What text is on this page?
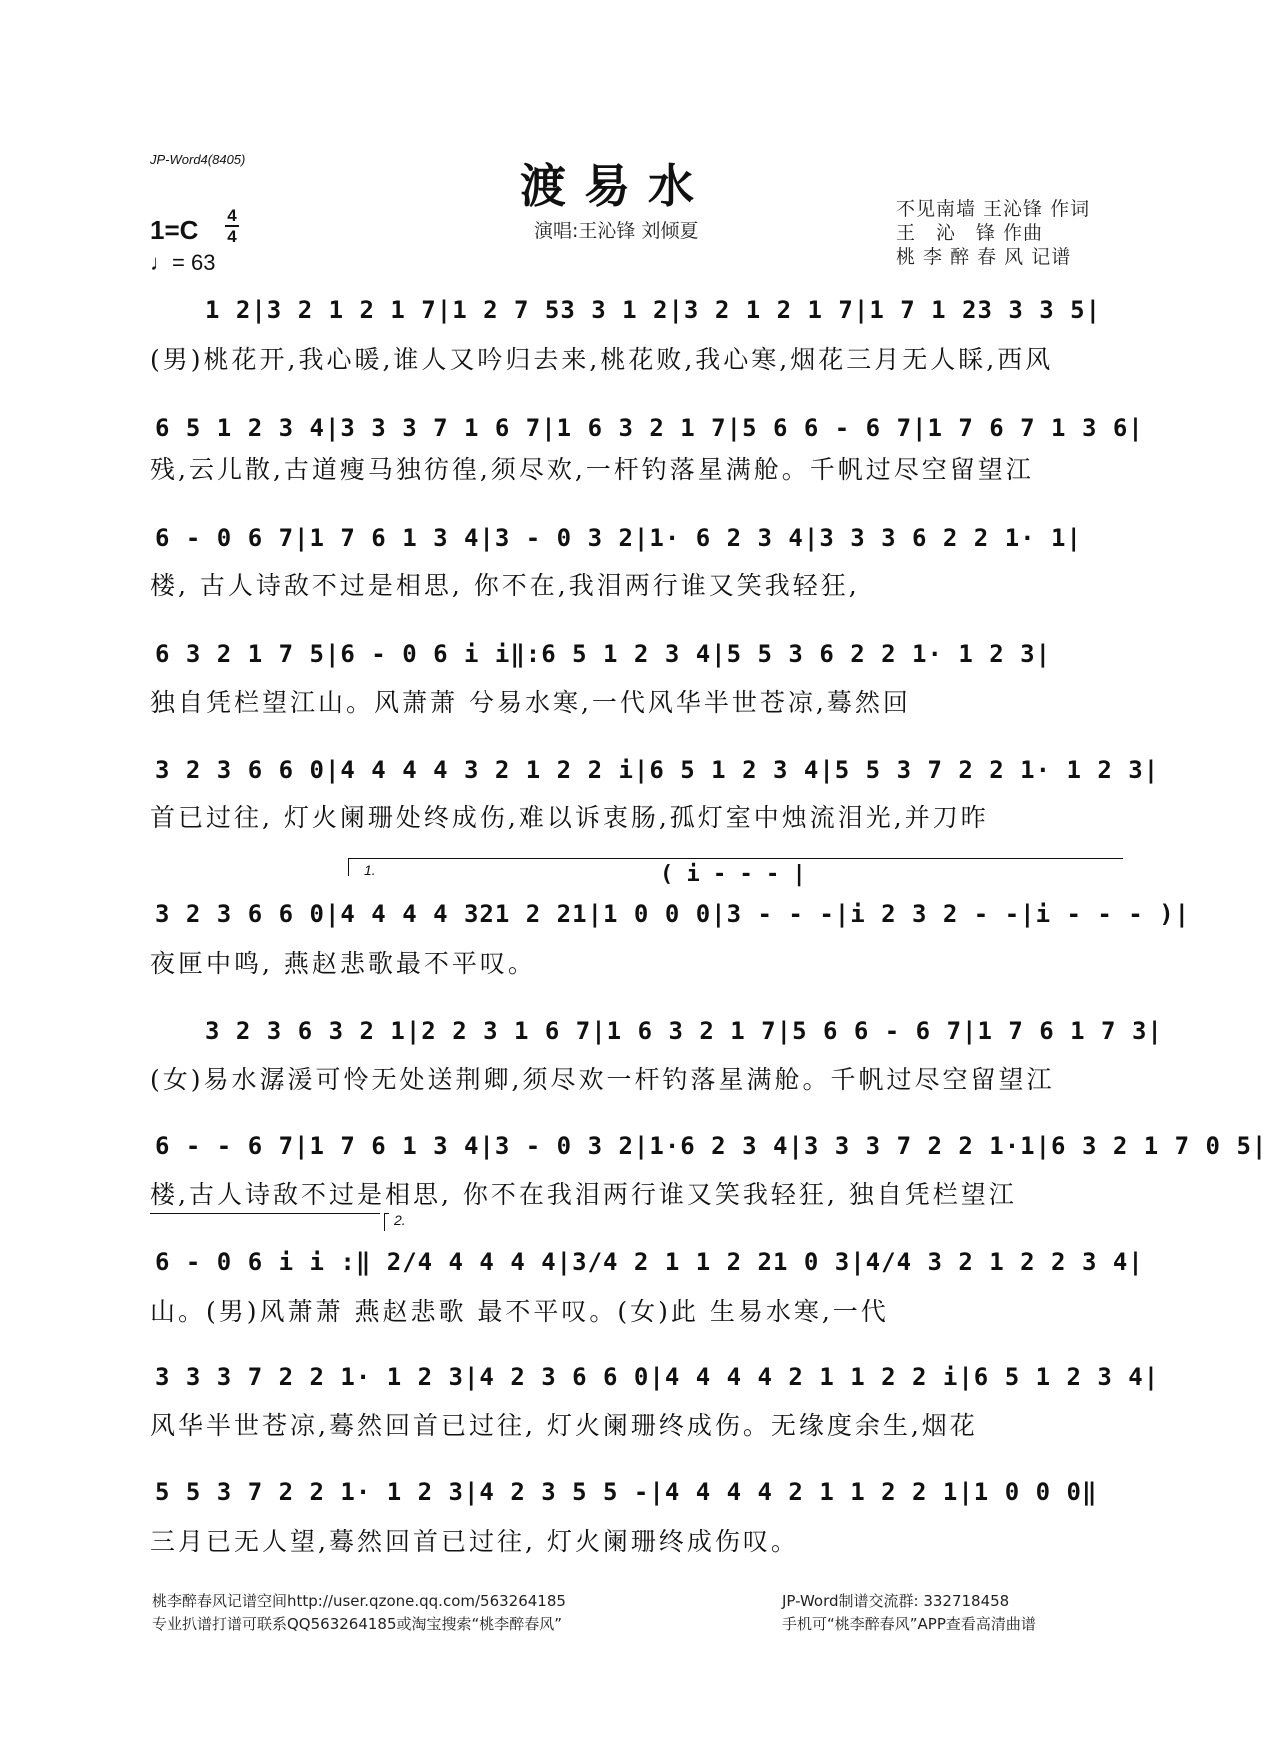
JP-Word4(8405)	渡易水
演唱:王沁锋 刘倾夏
不见南墙 王沁锋 作词
王　沁　锋 作曲
桃 李 醉 春 风 记谱
1=C 4
4
♩= 63
1 2|3 2 1 2 1 7|1 2 7 53 3 1 2|3 2 1 2 1 7|1 7 1 23 3 3 5|
(男)桃花开,我心暖,谁人又吟归去来,桃花败,我心寒,烟花三月无人睬,西风
6 5 1 2 3 4|3 3 3 7 1 6 7|1 6 3 2 1 7|5 6 6 - 6 7|1 7 6 7 1 3 6|
残,云儿散,古道瘦马独彷徨,须尽欢,一杆钓落星满舱。千帆过尽空留望江
6 - 0 6 7|1 7 6 1 3 4|3 - 0 3 2|1· 6 2 3 4|3 3 3 6 2 2 1· 1|
楼, 古人诗敌不过是相思, 你不在,我泪两行谁又笑我轻狂,
6 3 2 1 7 5|6 - 0 6 i i‖:6 5 1 2 3 4|5 5 3 6 2 2 1· 1 2 3|
独自凭栏望江山。风萧萧 兮易水寒,一代风华半世苍凉,蓦然回
3 2 3 6 6 0|4 4 4 4 3 2 1 2 2 i|6 5 1 2 3 4|5 5 3 7 2 2 1· 1 2 3|
首已过往, 灯火阑珊处终成伤,难以诉衷肠,孤灯室中烛流泪光,并刀昨
1.	( i - - - |
3 2 3 6 6 0|4 4 4 4 321 2 21|1 0 0 0|3 - - -|i 2 3 2 - -|i - - - )|
夜匣中鸣, 燕赵悲歌最不平叹。
3 2 3 6 3 2 1|2 2 3 1 6 7|1 6 3 2 1 7|5 6 6 - 6 7|1 7 6 1 7 3|
(女)易水潺湲可怜无处送荆卿,须尽欢一杆钓落星满舱。千帆过尽空留望江
6 - - 6 7|1 7 6 1 3 4|3 - 0 3 2|1·6 2 3 4|3 3 3 7 2 2 1·1|6 3 2 1 7 0 5|
楼,古人诗敌不过是相思, 你不在我泪两行谁又笑我轻狂, 独自凭栏望江
2.
6 - 0 6 i i :‖ 2/4 4 4 4 4|3/4 2 1 1 2 21 0 3|4/4 3 2 1 2 2 3 4|
山。(男)风萧萧 燕赵悲歌 最不平叹。(女)此 生易水寒,一代
3 3 3 7 2 2 1· 1 2 3|4 2 3 6 6 0|4 4 4 4 2 1 1 2 2 i|6 5 1 2 3 4|
风华半世苍凉,蓦然回首已过往, 灯火阑珊终成伤。无缘度余生,烟花
5 5 3 7 2 2 1· 1 2 3|4 2 3 5 5 -|4 4 4 4 2 1 1 2 2 1|1 0 0 0‖
三月已无人望,蓦然回首已过往, 灯火阑珊终成伤叹。
桃李醉春风记谱空间http://user.qzone.qq.com/563264185
专业扒谱打谱可联系QQ563264185或淘宝搜索“桃李醉春风”
JP-Word制谱交流群: 332718458
手机可“桃李醉春风”APP查看高清曲谱
